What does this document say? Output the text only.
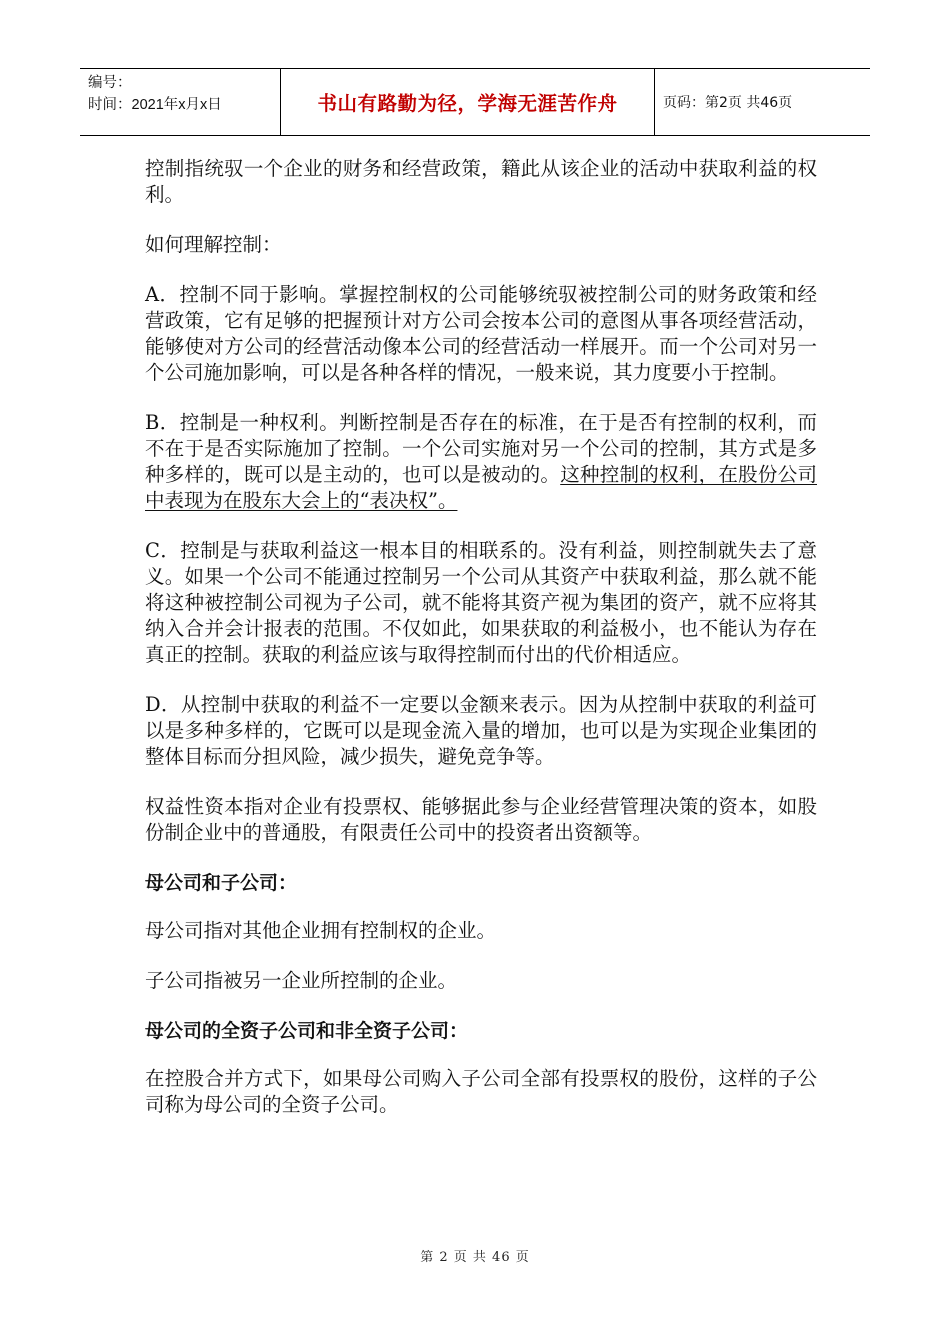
编号：
时间：2021年x月x日	书山有路勤为径，学海无涯苦作舟	页码：第2页 共46页

控制指统驭一个企业的财务和经营政策，籍此从该企业的活动中获取利益的权利。

如何理解控制：

A．控制不同于影响。掌握控制权的公司能够统驭被控制公司的财务政策和经营政策，它有足够的把握预计对方公司会按本公司的意图从事各项经营活动，能够使对方公司的经营活动像本公司的经营活动一样展开。而一个公司对另一个公司施加影响，可以是各种各样的情况，一般来说，其力度要小于控制。

B．控制是一种权利。判断控制是否存在的标准，在于是否有控制的权利，而不在于是否实际施加了控制。一个公司实施对另一个公司的控制，其方式是多种多样的，既可以是主动的，也可以是被动的。这种控制的权利，在股份公司中表现为在股东大会上的“表决权”。

C．控制是与获取利益这一根本目的相联系的。没有利益，则控制就失去了意义。如果一个公司不能通过控制另一个公司从其资产中获取利益，那么就不能将这种被控制公司视为子公司，就不能将其资产视为集团的资产，就不应将其纳入合并会计报表的范围。不仅如此，如果获取的利益极小，也不能认为存在真正的控制。获取的利益应该与取得控制而付出的代价相适应。

D．从控制中获取的利益不一定要以金额来表示。因为从控制中获取的利益可以是多种多样的，它既可以是现金流入量的增加，也可以是为实现企业集团的整体目标而分担风险，减少损失，避免竞争等。

权益性资本指对企业有投票权、能够据此参与企业经营管理决策的资本，如股份制企业中的普通股，有限责任公司中的投资者出资额等。

母公司和子公司：

母公司指对其他企业拥有控制权的企业。

子公司指被另一企业所控制的企业。

母公司的全资子公司和非全资子公司：

在控股合并方式下，如果母公司购入子公司全部有投票权的股份，这样的子公司称为母公司的全资子公司。

第 2 页 共 46 页
